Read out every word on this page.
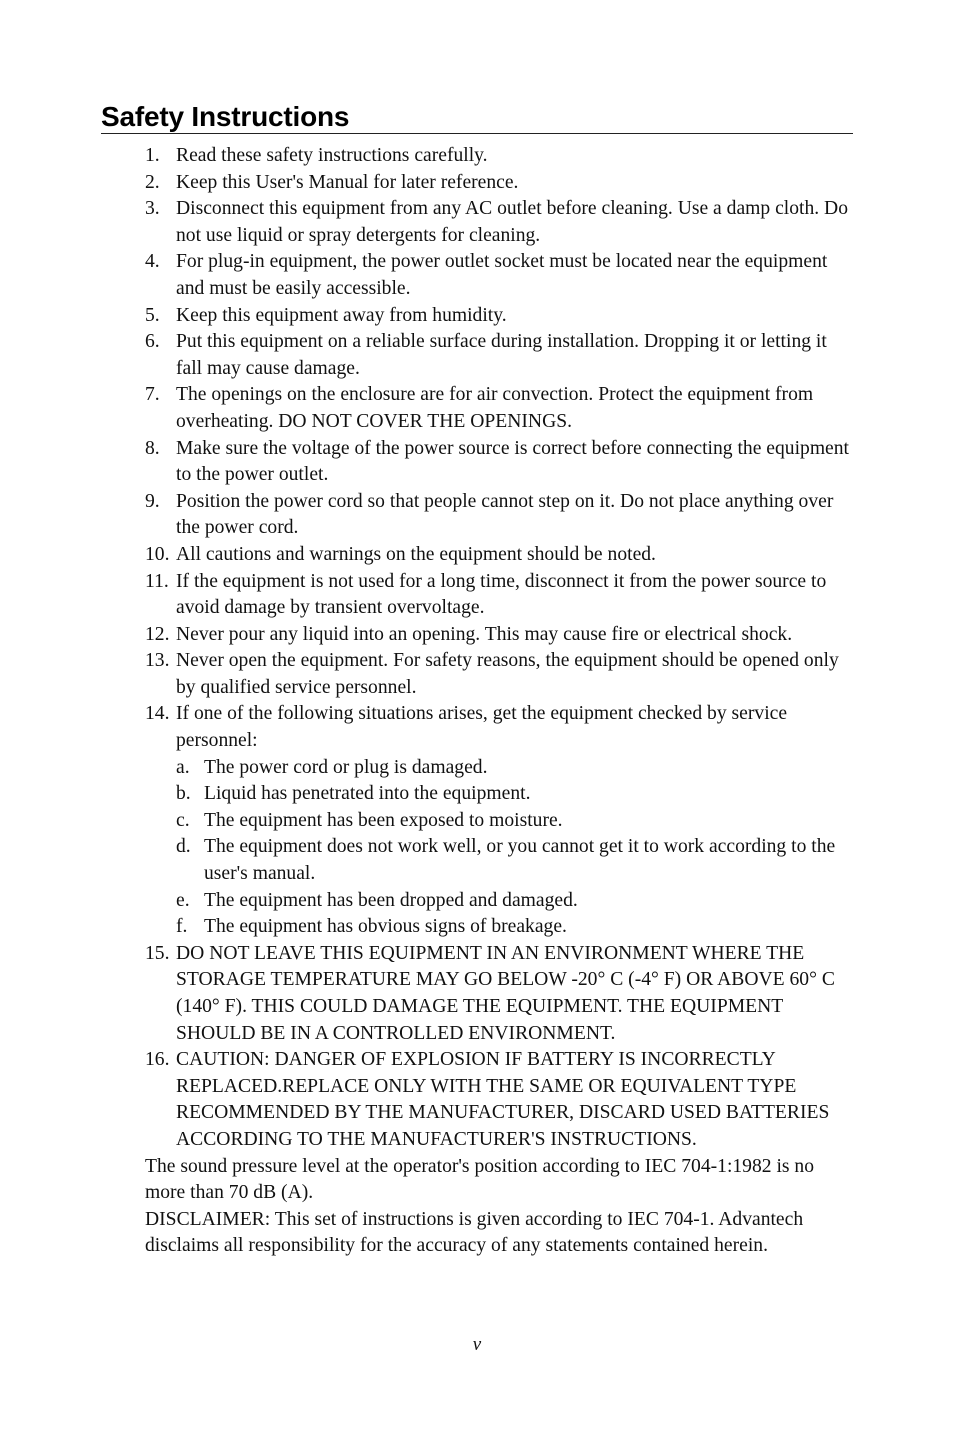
Safety Instructions
1. Read these safety instructions carefully.
2. Keep this User's Manual for later reference.
3. Disconnect this equipment from any AC outlet before cleaning. Use a damp cloth. Do not use liquid or spray detergents for cleaning.
4. For plug-in equipment, the power outlet socket must be located near the equipment and must be easily accessible.
5. Keep this equipment away from humidity.
6. Put this equipment on a reliable surface during installation. Dropping it or letting it fall may cause damage.
7. The openings on the enclosure are for air convection. Protect the equipment from overheating. DO NOT COVER THE OPENINGS.
8. Make sure the voltage of the power source is correct before connecting the equipment to the power outlet.
9. Position the power cord so that people cannot step on it. Do not place anything over the power cord.
10. All cautions and warnings on the equipment should be noted.
11. If the equipment is not used for a long time, disconnect it from the power source to avoid damage by transient overvoltage.
12. Never pour any liquid into an opening. This may cause fire or electrical shock.
13. Never open the equipment. For safety reasons, the equipment should be opened only by qualified service personnel.
14. If one of the following situations arises, get the equipment checked by service personnel:
a. The power cord or plug is damaged.
b. Liquid has penetrated into the equipment.
c. The equipment has been exposed to moisture.
d. The equipment does not work well, or you cannot get it to work according to the user's manual.
e. The equipment has been dropped and damaged.
f. The equipment has obvious signs of breakage.
15. DO NOT LEAVE THIS EQUIPMENT IN AN ENVIRONMENT WHERE THE STORAGE TEMPERATURE MAY GO BELOW -20° C (-4° F) OR ABOVE 60° C (140° F). THIS COULD DAMAGE THE EQUIPMENT. THE EQUIPMENT SHOULD BE IN A CONTROLLED ENVIRONMENT.
16. CAUTION: DANGER OF EXPLOSION IF BATTERY IS INCORRECTLY REPLACED.REPLACE ONLY WITH THE SAME OR EQUIVALENT TYPE RECOMMENDED BY THE MANUFACTURER, DISCARD USED BATTERIES ACCORDING TO THE MANUFACTURER'S INSTRUCTIONS.

The sound pressure level at the operator's position according to IEC 704-1:1982 is no more than 70 dB (A).

DISCLAIMER: This set of instructions is given according to IEC 704-1. Advantech disclaims all responsibility for the accuracy of any statements contained herein.

v
